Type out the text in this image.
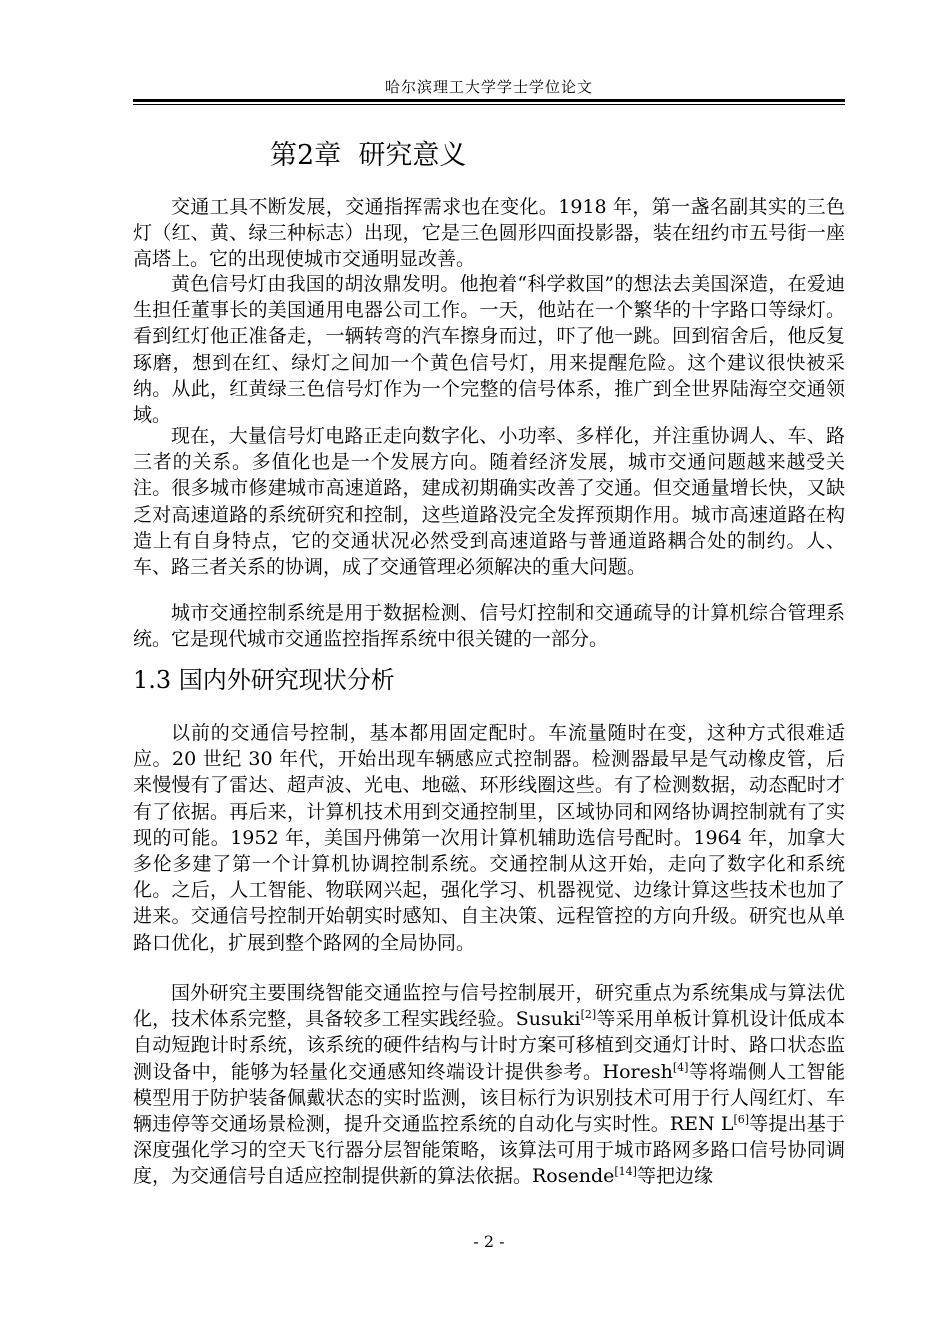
哈尔滨理工大学学士学位论文
第2章  研究意义

交通工具不断发展，交通指挥需求也在变化。1918 年，第一盏名副其实的三色灯（红、黄、绿三种标志）出现，它是三色圆形四面投影器，装在纽约市五号街一座高塔上。它的出现使城市交通明显改善。

黄色信号灯由我国的胡汝鼎发明。他抱着“科学救国”的想法去美国深造，在爱迪生担任董事长的美国通用电器公司工作。一天，他站在一个繁华的十字路口等绿灯。看到红灯他正准备走，一辆转弯的汽车擦身而过，吓了他一跳。回到宿舍后，他反复琢磨，想到在红、绿灯之间加一个黄色信号灯，用来提醒危险。这个建议很快被采纳。从此，红黄绿三色信号灯作为一个完整的信号体系，推广到全世界陆海空交通领域。

现在，大量信号灯电路正走向数字化、小功率、多样化，并注重协调人、车、路三者的关系。多值化也是一个发展方向。随着经济发展，城市交通问题越来越受关注。很多城市修建城市高速道路，建成初期确实改善了交通。但交通量增长快，又缺乏对高速道路的系统研究和控制，这些道路没完全发挥预期作用。城市高速道路在构造上有自身特点，它的交通状况必然受到高速道路与普通道路耦合处的制约。人、车、路三者关系的协调，成了交通管理必须解决的重大问题。

城市交通控制系统是用于数据检测、信号灯控制和交通疏导的计算机综合管理系统。它是现代城市交通监控指挥系统中很关键的一部分。

1.3 国内外研究现状分析

以前的交通信号控制，基本都用固定配时。车流量随时在变，这种方式很难适应。20 世纪 30 年代，开始出现车辆感应式控制器。检测器最早是气动橡皮管，后来慢慢有了雷达、超声波、光电、地磁、环形线圈这些。有了检测数据，动态配时才有了依据。再后来，计算机技术用到交通控制里，区域协同和网络协调控制就有了实现的可能。1952 年，美国丹佛第一次用计算机辅助选信号配时。1964 年，加拿大多伦多建了第一个计算机协调控制系统。交通控制从这开始，走向了数字化和系统化。之后，人工智能、物联网兴起，强化学习、机器视觉、边缘计算这些技术也加了进来。交通信号控制开始朝实时感知、自主决策、远程管控的方向升级。研究也从单路口优化，扩展到整个路网的全局协同。

国外研究主要围绕智能交通监控与信号控制展开，研究重点为系统集成与算法优化，技术体系完整，具备较多工程实践经验。Susuki[2]等采用单板计算机设计低成本自动短跑计时系统，该系统的硬件结构与计时方案可移植到交通灯计时、路口状态监测设备中，能够为轻量化交通感知终端设计提供参考。Horesh[4]等将端侧人工智能模型用于防护装备佩戴状态的实时监测，该目标行为识别技术可用于行人闯红灯、车辆违停等交通场景检测，提升交通监控系统的自动化与实时性。REN L[6]等提出基于深度强化学习的空天飞行器分层智能策略，该算法可用于城市路网多路口信号协同调度，为交通信号自适应控制提供新的算法依据。Rosende[14]等把边缘

- 2 -
